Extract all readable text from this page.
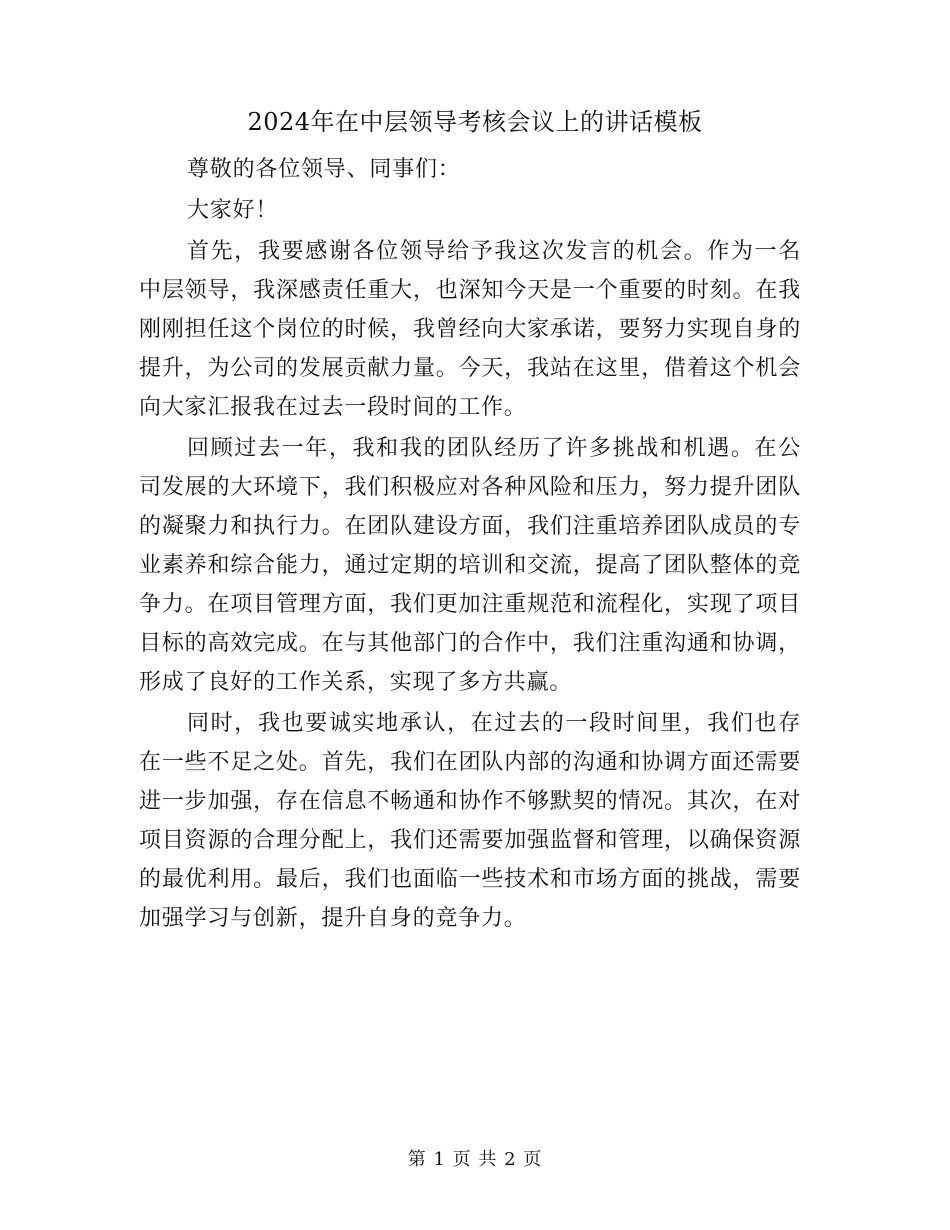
2024年在中层领导考核会议上的讲话模板

尊敬的各位领导、同事们：

大家好！

首先，我要感谢各位领导给予我这次发言的机会。作为一名中层领导，我深感责任重大，也深知今天是一个重要的时刻。在我刚刚担任这个岗位的时候，我曾经向大家承诺，要努力实现自身的提升，为公司的发展贡献力量。今天，我站在这里，借着这个机会向大家汇报我在过去一段时间的工作。

回顾过去一年，我和我的团队经历了许多挑战和机遇。在公司发展的大环境下，我们积极应对各种风险和压力，努力提升团队的凝聚力和执行力。在团队建设方面，我们注重培养团队成员的专业素养和综合能力，通过定期的培训和交流，提高了团队整体的竞争力。在项目管理方面，我们更加注重规范和流程化，实现了项目目标的高效完成。在与其他部门的合作中，我们注重沟通和协调，形成了良好的工作关系，实现了多方共赢。

同时，我也要诚实地承认，在过去的一段时间里，我们也存在一些不足之处。首先，我们在团队内部的沟通和协调方面还需要进一步加强，存在信息不畅通和协作不够默契的情况。其次，在对项目资源的合理分配上，我们还需要加强监督和管理，以确保资源的最优利用。最后，我们也面临一些技术和市场方面的挑战，需要加强学习与创新，提升自身的竞争力。

第 1 页 共 2 页
